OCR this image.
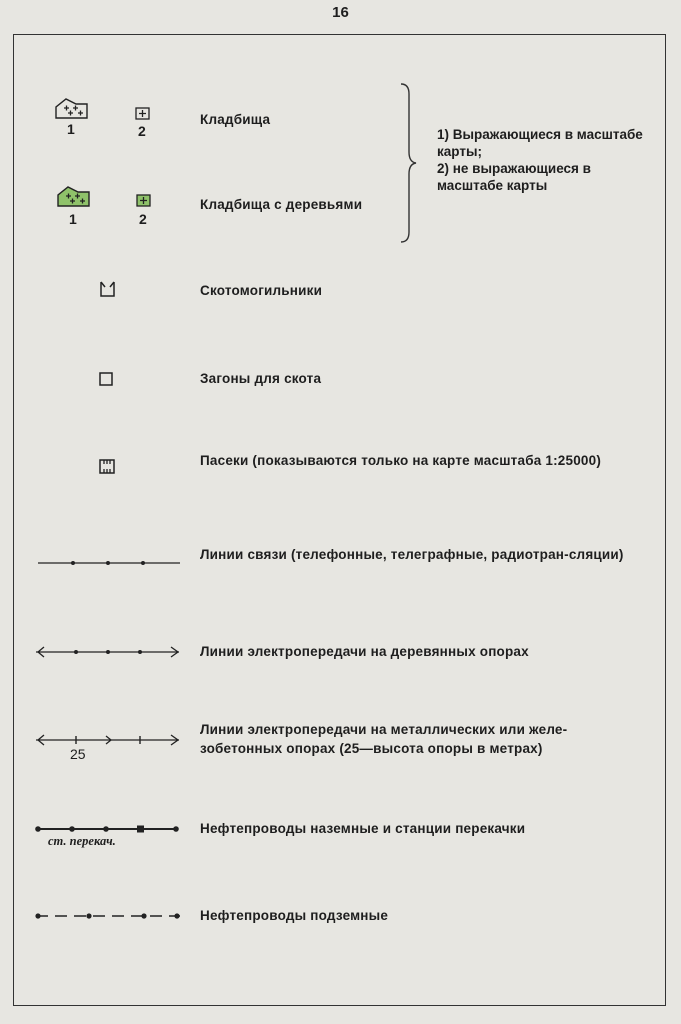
16
1	2
Кладбища
1	2
Кладбища с деревьями
1) Выражающиеся в масштабе карты;
2) не выражающиеся в масштабе карты
Скотомогильники
Загоны для скота
Пасеки (показываются только на карте масштаба 1:25000)
Линии связи (телефонные, телеграфные, радиотран-сляции)
Линии электропередачи на деревянных опорах
25
Линии электропередачи на металлических или желе-зобетонных опорах (25—высота опоры в метрах)
ст. перекач.
Нефтепроводы наземные и станции перекачки
Нефтепроводы подземные
